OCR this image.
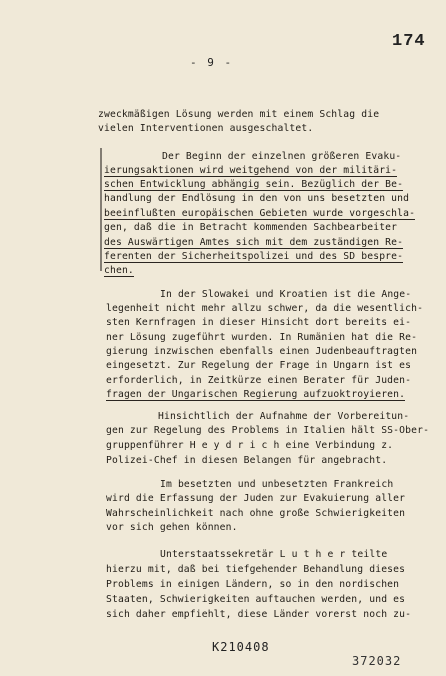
174
- 9 -
zweckmäßigen Lösung werden mit einem Schlag die
vielen Interventionen ausgeschaltet.
Der Beginn der einzelnen größeren Evaku-
ierungsaktionen wird weitgehend von der militäri-
schen Entwicklung abhängig sein. Bezüglich der Be-
handlung der Endlösung in den von uns besetzten und
beeinflußten europäischen Gebieten wurde vorgeschla-
gen, daß die in Betracht kommenden Sachbearbeiter
des Auswärtigen Amtes sich mit dem zuständigen Re-
ferenten der Sicherheitspolizei und des SD bespre-
chen.
In der Slowakei und Kroatien ist die Ange-
legenheit nicht mehr allzu schwer, da die wesentlich-
sten Kernfragen in dieser Hinsicht dort bereits ei-
ner Lösung zugeführt wurden. In Rumänien hat die Re-
gierung inzwischen ebenfalls einen Judenbeauftragten
eingesetzt. Zur Regelung der Frage in Ungarn ist es
erforderlich, in Zeitkürze einen Berater für Juden-
fragen der Ungarischen Regierung aufzuoktroyieren.
Hinsichtlich der Aufnahme der Vorbereitun-
gen zur Regelung des Problems in Italien hält SS-Ober-
gruppenführer H e y d r i c h eine Verbindung z.
Polizei-Chef in diesen Belangen für angebracht.
Im besetzten und unbesetzten Frankreich
wird die Erfassung der Juden zur Evakuierung aller
Wahrscheinlichkeit nach ohne große Schwierigkeiten
vor sich gehen können.
Unterstaatssekretär L u t h e r teilte
hierzu mit, daß bei tiefgehender Behandlung dieses
Problems in einigen Ländern, so in den nordischen
Staaten, Schwierigkeiten auftauchen werden, und es
sich daher empfiehlt, diese Länder vorerst noch zu-
K210408
372032
